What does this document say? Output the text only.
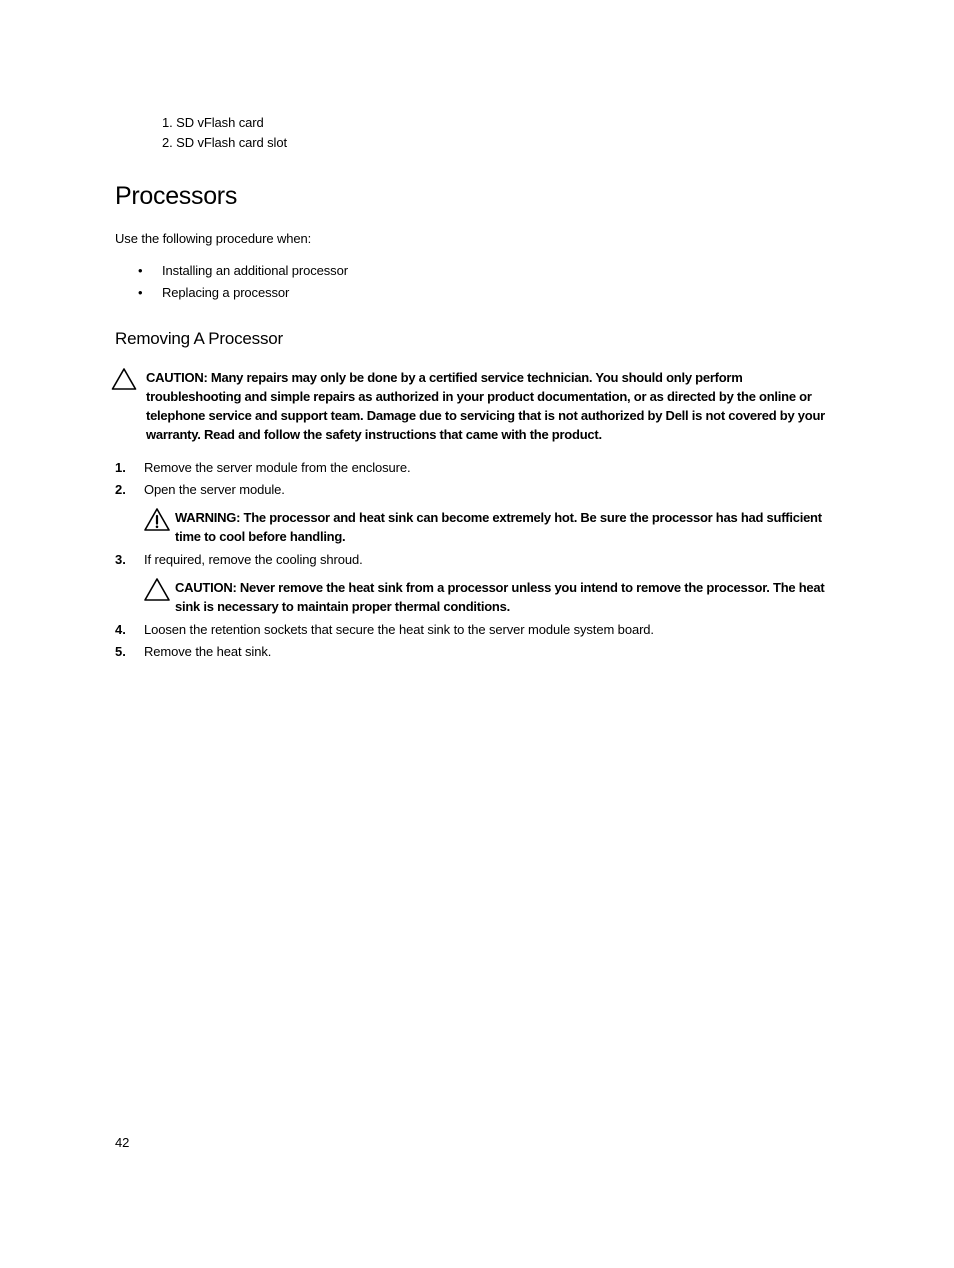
1. SD vFlash card
2. SD vFlash card slot
Processors
Use the following procedure when:
• Installing an additional processor
• Replacing a processor
Removing A Processor
CAUTION: Many repairs may only be done by a certified service technician. You should only perform
troubleshooting and simple repairs as authorized in your product documentation, or as directed by the online or
telephone service and support team. Damage due to servicing that is not authorized by Dell is not covered by your
warranty. Read and follow the safety instructions that came with the product.
1. Remove the server module from the enclosure.
2. Open the server module.
WARNING: The processor and heat sink can become extremely hot. Be sure the processor has had sufficient
time to cool before handling.
3. If required, remove the cooling shroud.
CAUTION: Never remove the heat sink from a processor unless you intend to remove the processor. The heat
sink is necessary to maintain proper thermal conditions.
4. Loosen the retention sockets that secure the heat sink to the server module system board.
5. Remove the heat sink.
42
